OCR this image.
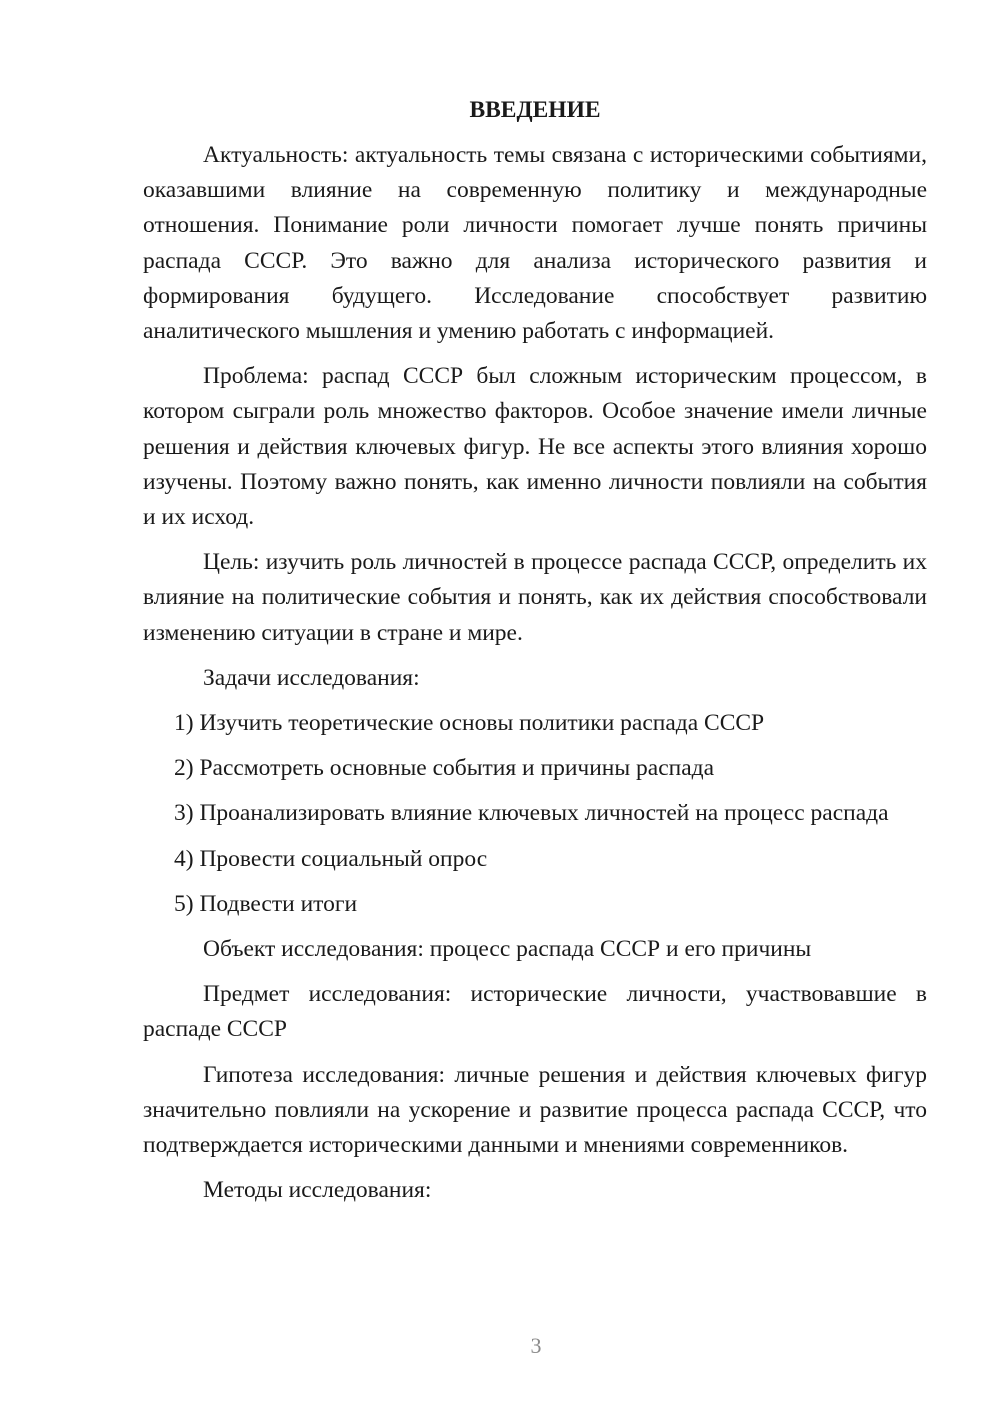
ВВЕДЕНИЕ
Актуальность: актуальность темы связана с историческими событиями, оказавшими влияние на современную политику и международные отношения. Понимание роли личности помогает лучше понять причины распада СССР. Это важно для анализа исторического развития и формирования будущего. Исследование способствует развитию аналитического мышления и умению работать с информацией.
Проблема: распад СССР был сложным историческим процессом, в котором сыграли роль множество факторов. Особое значение имели личные решения и действия ключевых фигур. Не все аспекты этого влияния хорошо изучены. Поэтому важно понять, как именно личности повлияли на события и их исход.
Цель: изучить роль личностей в процессе распада СССР, определить их влияние на политические события и понять, как их действия способствовали изменению ситуации в стране и мире.
Задачи исследования:
1) Изучить теоретические основы политики распада СССР
2) Рассмотреть основные события и причины распада
3) Проанализировать влияние ключевых личностей на процесс распада
4) Провести социальный опрос
5) Подвести итоги
Объект исследования: процесс распада СССР и его причины
Предмет исследования: исторические личности, участвовавшие в распаде СССР
Гипотеза исследования: личные решения и действия ключевых фигур значительно повлияли на ускорение и развитие процесса распада СССР, что подтверждается историческими данными и мнениями современников.
Методы исследования:
3
